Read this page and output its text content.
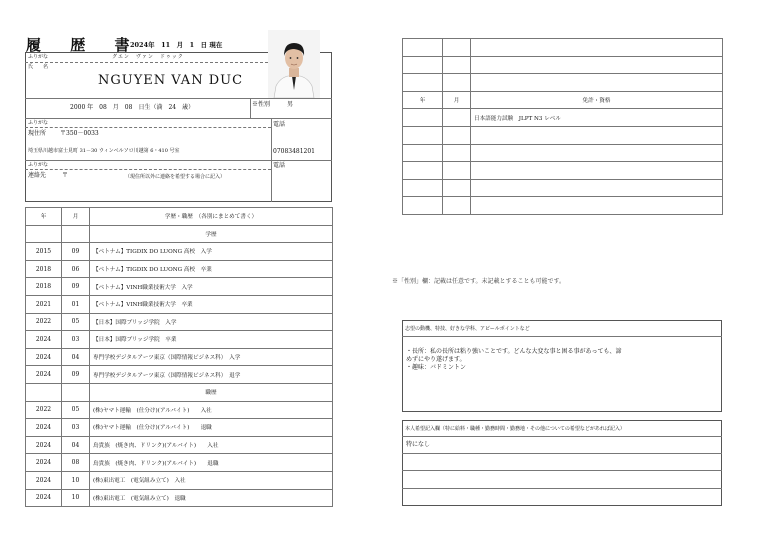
履 歴 書
2024年　11　月　1　日 現在
ふりがな	グエン　ヴァン　ドゥック
氏　　名
NGUYEN VAN DUC
2000 年　08　月　08　日生（満　24　歳）	※性別	男
ふりがな
現住所 〒350－0033
埼玉県川越市富士見町 31－30 ウィンベルソロ川越第 6・410 号室
電話
07083481201
ふりがな
連絡先	〒	（現住所以外に連絡を希望する場合に記入）
電話
年	月	学歴・職歴　（各別にまとめて書く）
		学歴
2015	09	【ベトナム】TIGDIX DO LUONG 高校　入学
2018	06	【ベトナム】TIGDIX DO LUONG 高校　卒業
2018	09	【ベトナム】VINH職業技術大学　入学
2021	01	【ベトナム】VINH職業技術大学　卒業
2022	05	【日本】国際ブリッジ学院　入学
2024	03	【日本】国際ブリッジ学院　卒業
2024	04	専門学校デジタルアーツ東京（国際情報ビジネス科）　入学
2024	09	専門学校デジタルアーツ東京（国際情報ビジネス科）　退学
		職歴
2022	05	(株)ヤマト運輸　(仕分け)(アルバイト)　　入社
2024	03	(株)ヤマト運輸　(仕分け)(アルバイト)　　退職
2024	04	鳥貴族　(焼き肉、ドリンク)(アルバイト)　　入社
2024	08	鳥貴族　(焼き肉、ドリンク)(アルバイト)　　退職
2024	10	(株)東出電工　(電気組み立て)　入社
2024	10	(株)東出電工　(電気組み立て)　退職

年	月	免許・資格
		日本語能力試験　JLPT N3 レベル

※「性別」欄：記載は任意です。未記載とすることも可能です。
志望の動機、特技、好きな学科、アピールポイントなど
・長所：私の長所は粘り強いことです。どんな大変な事と困る事があっても、諦
めずにやり遂げます。
・趣味：バドミントン
本人希望記入欄（特に給料・職種・勤務時間・勤務地・その他についての希望などがあれば記入）
特になし
